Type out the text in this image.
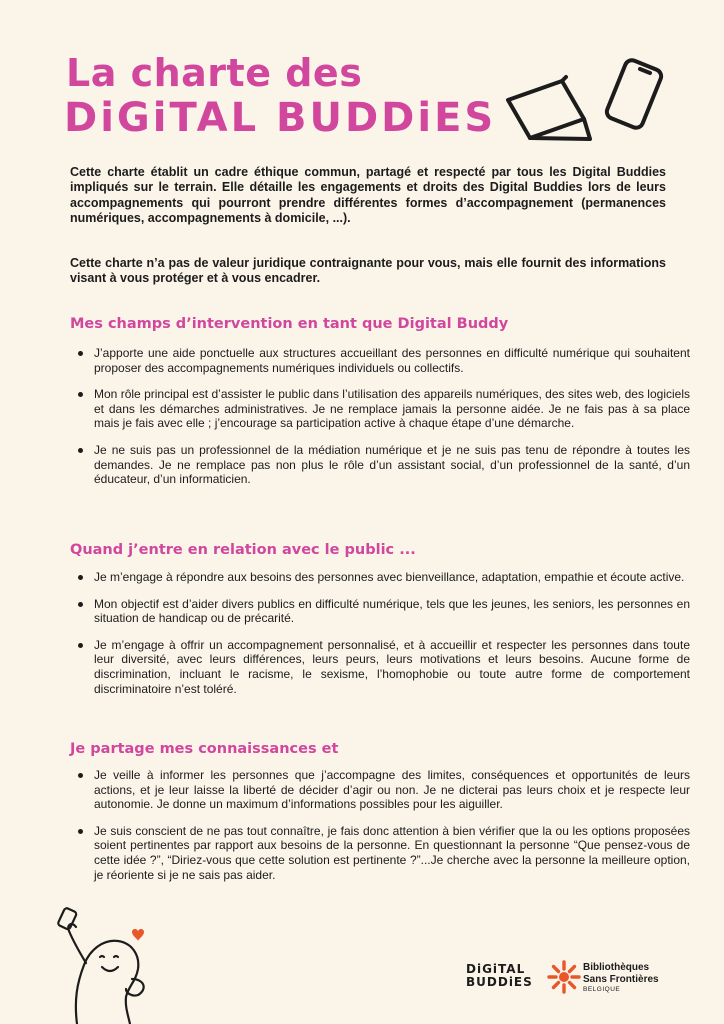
La charte des
DiGiTAL BUDDiES

Cette charte établit un cadre éthique commun, partagé et respecté par tous les Digital Buddies impliqués sur le terrain. Elle détaille les engagements et droits des Digital Buddies lors de leurs accompagnements qui pourront prendre différentes formes d’accompagnement (permanences numériques, accompagnements à domicile, ...).

Cette charte n’a pas de valeur juridique contraignante pour vous, mais elle fournit des informations visant à vous protéger et à vous encadrer.

Mes champs d’intervention en tant que Digital Buddy
J’apporte une aide ponctuelle aux structures accueillant des personnes en difficulté numérique qui souhaitent proposer des accompagnements numériques individuels ou collectifs.
Mon rôle principal est d’assister le public dans l’utilisation des appareils numériques, des sites web, des logiciels et dans les démarches administratives. Je ne remplace jamais la personne aidée. Je ne fais pas à sa place mais je fais avec elle ; j’encourage sa participation active à chaque étape d’une démarche.
Je ne suis pas un professionnel de la médiation numérique et je ne suis pas tenu de répondre à toutes les demandes. Je ne remplace pas non plus le rôle d’un assistant social, d’un professionnel de la santé, d’un éducateur, d’un informaticien.
Quand j’entre en relation avec le public ...
Je m’engage à répondre aux besoins des personnes avec bienveillance, adaptation, empathie et écoute active.
Mon objectif est d’aider divers publics en difficulté numérique, tels que les jeunes, les seniors, les personnes en situation de handicap ou de précarité.
Je m’engage à offrir un accompagnement personnalisé, et à accueillir et respecter les personnes dans toute leur diversité, avec leurs différences, leurs peurs, leurs motivations et leurs besoins. Aucune forme de discrimination, incluant le racisme, le sexisme, l’homophobie ou toute autre forme de comportement discriminatoire n’est toléré.
Je partage mes connaissances et
Je veille à informer les personnes que j’accompagne des limites, conséquences et opportunités de leurs actions, et je leur laisse la liberté de décider d’agir ou non. Je ne dicterai pas leurs choix et je respecte leur autonomie. Je donne un maximum d’informations possibles pour les aiguiller.
Je suis conscient de ne pas tout connaître, je fais donc attention à bien vérifier que la ou les options proposées soient pertinentes par rapport aux besoins de la personne. En questionnant la personne “Que pensez-vous de cette idée ?”, “Diriez-vous que cette solution est pertinente ?”...Je cherche avec la personne la meilleure option, je réoriente si je ne sais pas aider.
DiGiTAL
BUDDiES
Bibliothèques
Sans Frontières
BELGIQUE
